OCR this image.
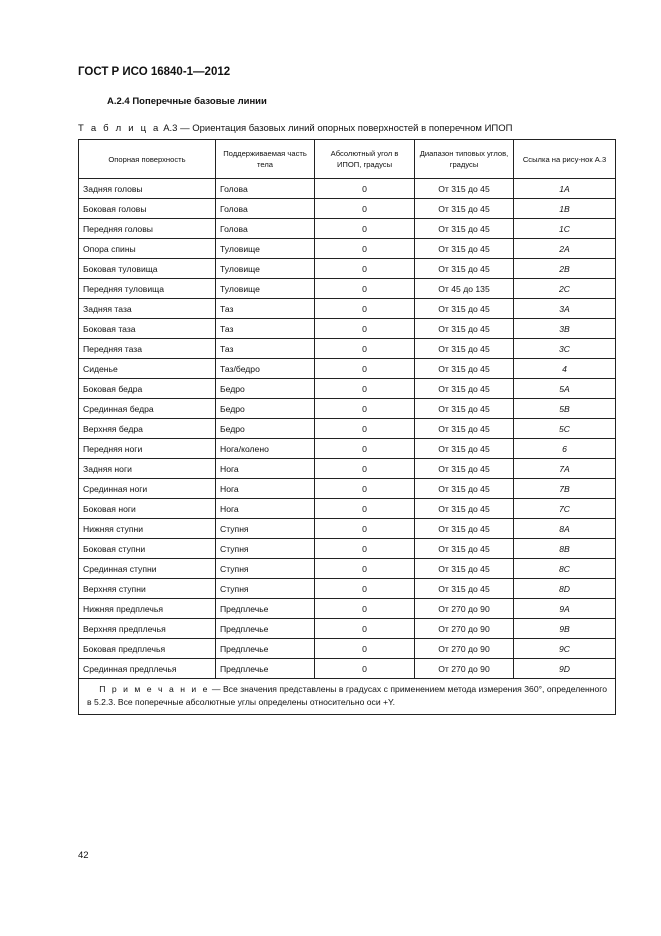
ГОСТ Р ИСО 16840-1—2012
А.2.4 Поперечные базовые линии
Т а б л и ц а А.3 — Ориентация базовых линий опорных поверхностей в поперечном ИПОП
Опорная поверхность	Поддерживаемая часть тела	Абсолютный угол в ИПОП, градусы	Диапазон типовых углов, градусы	Ссылка на рису-нок А.3
Задняя головы	Голова	0	От 315 до 45	1A
Боковая головы	Голова	0	От 315 до 45	1B
Передняя головы	Голова	0	От 315 до 45	1C
Опора спины	Туловище	0	От 315 до 45	2A
Боковая туловища	Туловище	0	От 315 до 45	2B
Передняя туловища	Туловище	0	От 45 до 135	2C
Задняя таза	Таз	0	От 315 до 45	3A
Боковая таза	Таз	0	От 315 до 45	3B
Передняя таза	Таз	0	От 315 до 45	3C
Сиденье	Таз/бедро	0	От 315 до 45	4
Боковая бедра	Бедро	0	От 315 до 45	5A
Срединная бедра	Бедро	0	От 315 до 45	5B
Верхняя бедра	Бедро	0	От 315 до 45	5C
Передняя ноги	Нога/колено	0	От 315 до 45	6
Задняя ноги	Нога	0	От 315 до 45	7A
Срединная ноги	Нога	0	От 315 до 45	7B
Боковая ноги	Нога	0	От 315 до 45	7C
Нижняя ступни	Ступня	0	От 315 до 45	8A
Боковая ступни	Ступня	0	От 315 до 45	8B
Срединная ступни	Ступня	0	От 315 до 45	8C
Верхняя ступни	Ступня	0	От 315 до 45	8D
Нижняя предплечья	Предплечье	0	От 270 до 90	9A
Верхняя предплечья	Предплечье	0	От 270 до 90	9B
Боковая предплечья	Предплечье	0	От 270 до 90	9C
Срединная предплечья	Предплечье	0	От 270 до 90	9D
П р и м е ч а н и е — Все значения представлены в градусах с применением метода измерения 360°, определенного в 5.2.3. Все поперечные абсолютные углы определены относительно оси +Y.				
42
